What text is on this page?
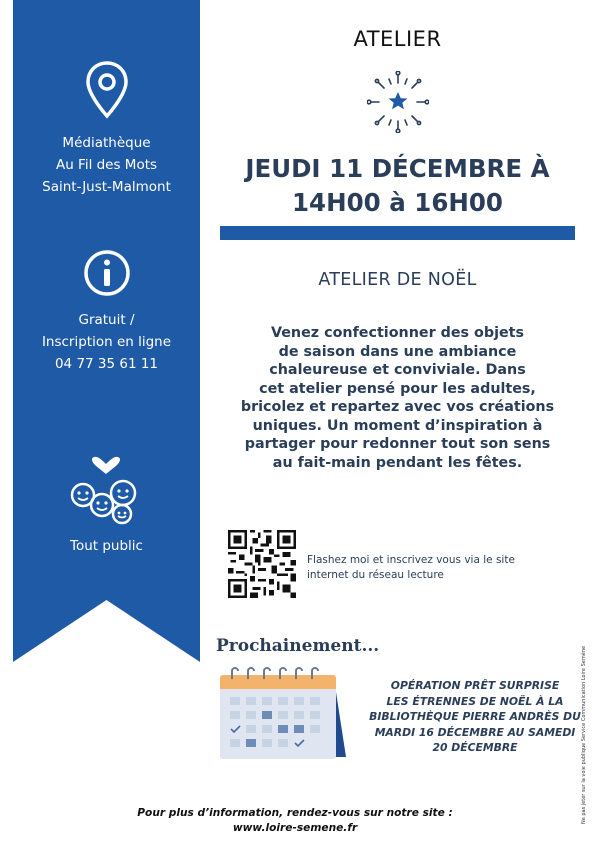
Médiathèque
Au Fil des Mots
Saint-Just-Malmont
Gratuit /
Inscription en ligne
04 77 35 61 11
Tout public
ATELIER
JEUDI 11 DÉCEMBRE À
14H00 à 16H00
ATELIER DE NOËL
Venez confectionner des objets
de saison dans une ambiance
chaleureuse et conviviale. Dans
cet atelier pensé pour les adultes,
bricolez et repartez avec vos créations
uniques. Un moment d’inspiration à
partager pour redonner tout son sens
au fait-main pendant les fêtes.
Flashez moi et inscrivez vous via le site
internet du réseau lecture
Prochainement...
OPÉRATION PRÊT SURPRISE
LES ÉTRENNES DE NOËL À LA
BIBLIOTHÈQUE PIERRE ANDRÈS DU
MARDI 16 DÉCEMBRE AU SAMEDI
20 DÉCEMBRE	Ne pas jeter sur la voie publique Service Communication Loire Semène
Pour plus d’information, rendez-vous sur notre site :
www.loire-semene.fr
